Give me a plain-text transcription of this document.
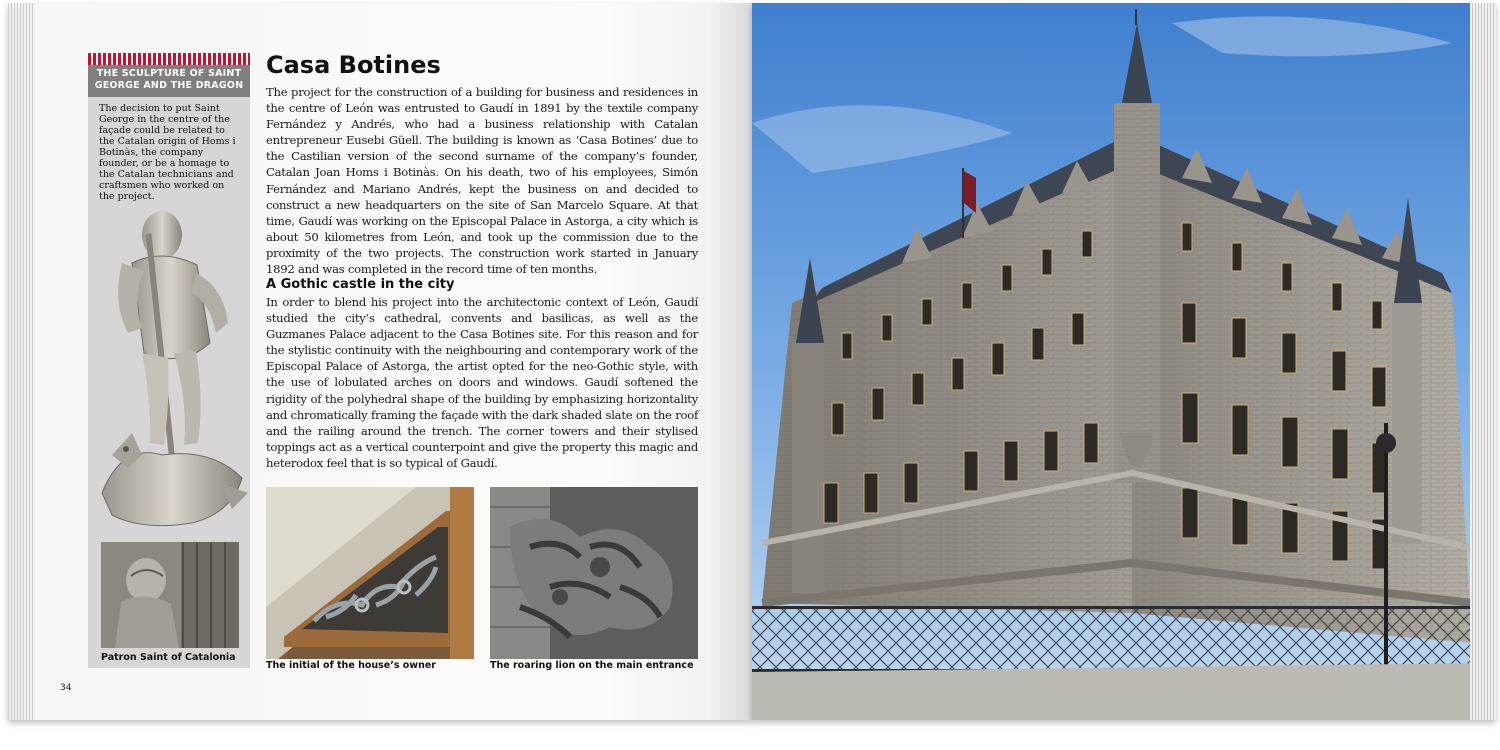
THE SCULPTURE OF SAINT GEORGE AND THE DRAGON
The decision to put Saint George in the centre of the façade could be related to the Catalan origin of Homs i Botinàs, the company founder, or be a homage to the Catalan technicians and craftsmen who worked on the project.
Patron Saint of Catalonia
Casa Botines
The project for the construction of a building for business and residences in the centre of León was entrusted to Gaudí in 1891 by the textile company Fernández y Andrés, who had a business relationship with Catalan entrepreneur Eusebi Güell. The building is known as ‘Casa Botines’ due to the Castilian version of the second surname of the company’s founder, Catalan Joan Homs i Botinàs. On his death, two of his employees, Simón Fernández and Mariano Andrés, kept the business on and decided to construct a new headquarters on the site of San Marcelo Square. At that time, Gaudí was working on the Episcopal Palace in Astorga, a city which is about 50 kilometres from León, and took up the commission due to the proximity of the two projects. The construction work started in January 1892 and was completed in the record time of ten months.
A Gothic castle in the city
In order to blend his project into the architectonic context of León, Gaudí studied the city’s cathedral, convents and basilicas, as well as the Guzmanes Palace adjacent to the Casa Botines site. For this reason and for the stylistic continuity with the neighbouring and contemporary work of the Episcopal Palace of Astorga, the artist opted for the neo-Gothic style, with the use of lobulated arches on doors and windows. Gaudí softened the rigidity of the polyhedral shape of the building by emphasizing horizontality and chromatically framing the façade with the dark shaded slate on the roof and the railing around the trench. The corner towers and their stylised toppings act as a vertical counterpoint and give the property this magic and heterodox feel that is so typical of Gaudí.
The initial of the house’s owner	The roaring lion on the main entrance
34
